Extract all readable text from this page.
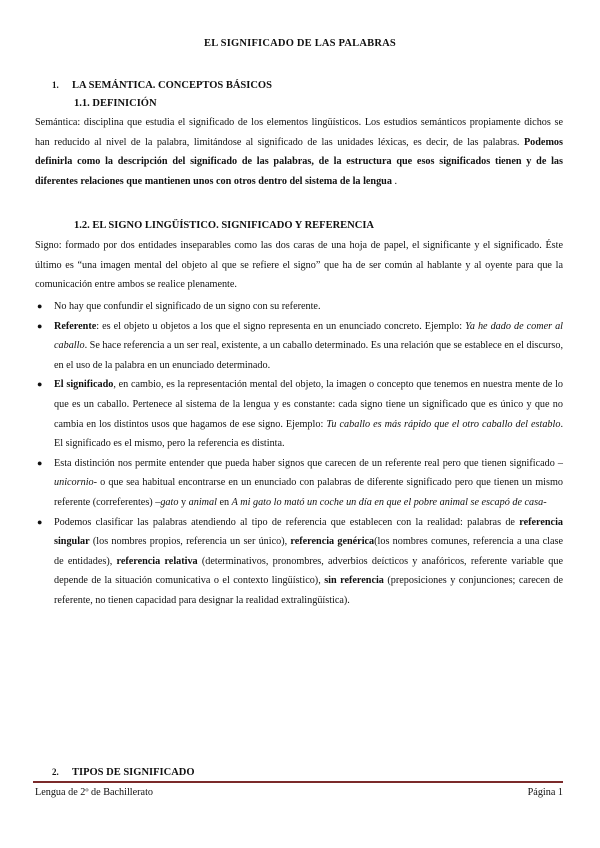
EL SIGNIFICADO DE LAS PALABRAS
1. LA SEMÁNTICA. CONCEPTOS BÁSICOS
1.1. DEFINICIÓN
Semántica: disciplina que estudia el significado de los elementos lingüísticos. Los estudios semánticos propiamente dichos se han reducido al nivel de la palabra, limitándose al significado de las unidades léxicas, es decir, de las palabras. Podemos definirla como la descripción del significado de las palabras, de la estructura que esos significados tienen y de las diferentes relaciones que mantienen unos con otros dentro del sistema de la lengua .
1.2. EL SIGNO LINGÜÍSTICO. SIGNIFICADO Y REFERENCIA
Signo: formado por dos entidades inseparables como las dos caras de una hoja de papel, el significante y el significado. Éste último es “una imagen mental del objeto al que se refiere el signo” que ha de ser común al hablante y al oyente para que la comunicación entre ambos se realice plenamente.
● No hay que confundir el significado de un signo con su referente.
● Referente: es el objeto u objetos a los que el signo representa en un enunciado concreto. Ejemplo: Ya he dado de comer al caballo. Se hace referencia a un ser real, existente, a un caballo determinado. Es una relación que se establece en el discurso, en el uso de la palabra en un enunciado determinado.
● El significado, en cambio, es la representación mental del objeto, la imagen o concepto que tenemos en nuestra mente de lo que es un caballo. Pertenece al sistema de la lengua y es constante: cada signo tiene un significado que es único y que no cambia en los distintos usos que hagamos de ese signo. Ejemplo: Tu caballo es más rápido que el otro caballo del establo. El significado es el mismo, pero la referencia es distinta.
● Esta distinción nos permite entender que pueda haber signos que carecen de un referente real pero que tienen significado –unicornio- o que sea habitual encontrarse en un enunciado con palabras de diferente significado pero que tienen un mismo referente (correferentes) –gato y animal en A mi gato lo mató un coche un día en que el pobre animal se escapó de casa-
● Podemos clasificar las palabras atendiendo al tipo de referencia que establecen con la realidad: palabras de referencia singular (los nombres propios, referencia un ser único), referencia genérica(los nombres comunes, referencia a una clase de entidades), referencia relativa (determinativos, pronombres, adverbios deícticos y anafóricos, referente variable que depende de la situación comunicativa o el contexto lingüístico), sin referencia (preposiciones y conjunciones; carecen de referente, no tienen capacidad para designar la realidad extralingüística).
2. TIPOS DE SIGNIFICADO
Lengua de 2º de Bachillerato	Página 1
